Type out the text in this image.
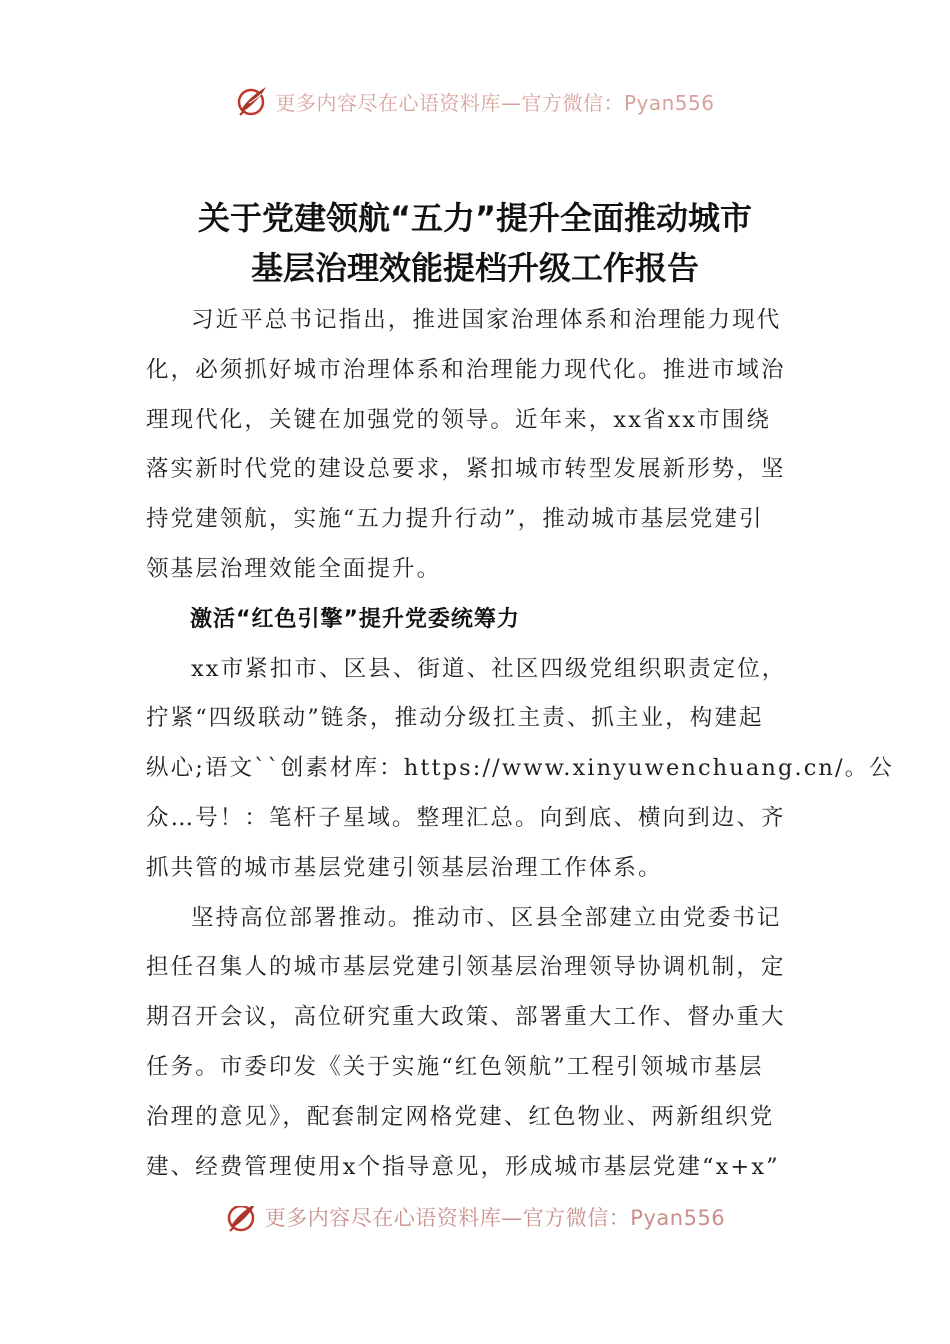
更多内容尽在心语资料库—官方微信：Pyan556
关于党建领航“五力”提升全面推动城市
基层治理效能提档升级工作报告

习近平总书记指出，推进国家治理体系和治理能力现代
化，必须抓好城市治理体系和治理能力现代化。推进市域治
理现代化，关键在加强党的领导。近年来，xx省xx市围绕
落实新时代党的建设总要求，紧扣城市转型发展新形势，坚
持党建领航，实施“五力提升行动”，推动城市基层党建引
领基层治理效能全面提升。

激活“红色引擎”提升党委统筹力

xx市紧扣市、区县、街道、社区四级党组织职责定位，
拧紧“四级联动”链条，推动分级扛主责、抓主业，构建起
纵心;语文``创素材库：https://www.xinyuwenchuang.cn/。公
众…号！：笔杆子星域。整理汇总。向到底、横向到边、齐
抓共管的城市基层党建引领基层治理工作体系。

坚持高位部署推动。推动市、区县全部建立由党委书记
担任召集人的城市基层党建引领基层治理领导协调机制，定
期召开会议，高位研究重大政策、部署重大工作、督办重大
任务。市委印发《关于实施“红色领航”工程引领城市基层
治理的意见》，配套制定网格党建、红色物业、两新组织党
建、经费管理使用x个指导意见，形成城市基层党建“x+x”

更多内容尽在心语资料库—官方微信：Pyan556
